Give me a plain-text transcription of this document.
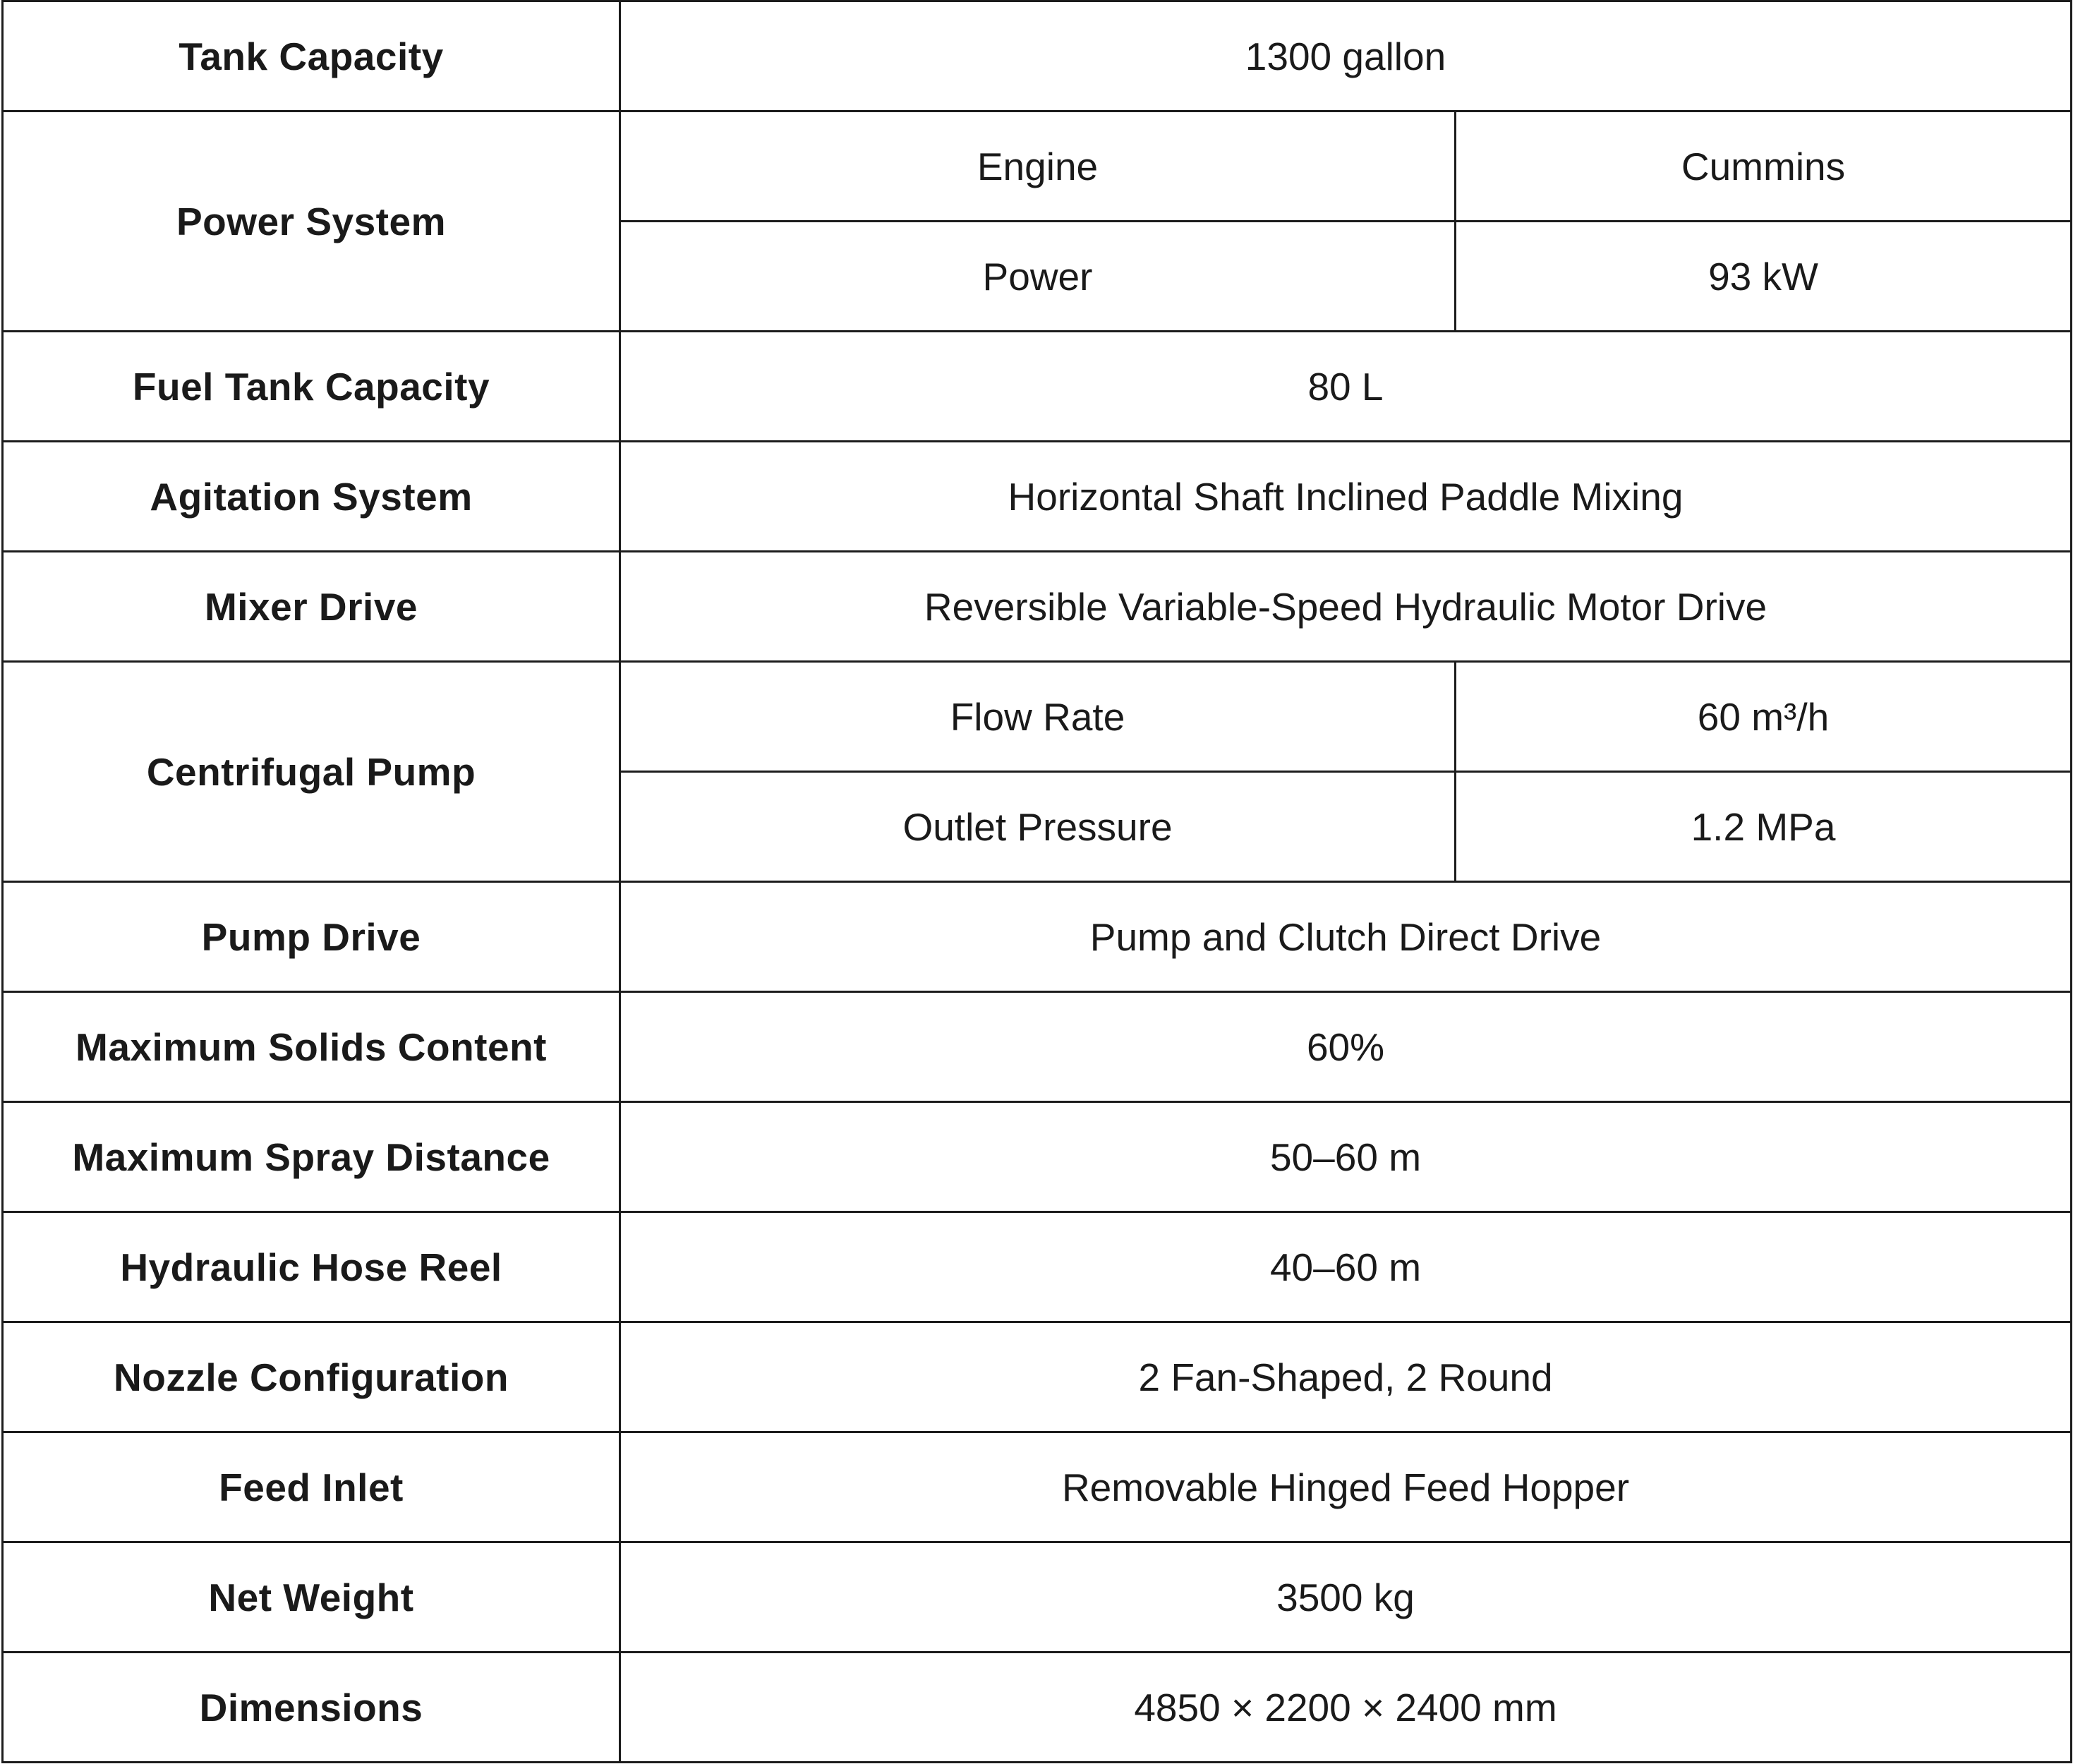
Tank Capacity	1300 gallon	
Power System	Engine	Cummins
	Power	93 kW
Fuel Tank Capacity	80 L	
Agitation System	Horizontal Shaft Inclined Paddle Mixing	
Mixer Drive	Reversible Variable-Speed Hydraulic Motor Drive	
Centrifugal Pump	Flow Rate	60 m³/h
	Outlet Pressure	1.2 MPa
Pump Drive	Pump and Clutch Direct Drive	
Maximum Solids Content	60%	
Maximum Spray Distance	50–60 m	
Hydraulic Hose Reel	40–60 m	
Nozzle Configuration	2 Fan-Shaped, 2 Round	
Feed Inlet	Removable Hinged Feed Hopper	
Net Weight	3500 kg	
Dimensions	4850 × 2200 × 2400 mm	
